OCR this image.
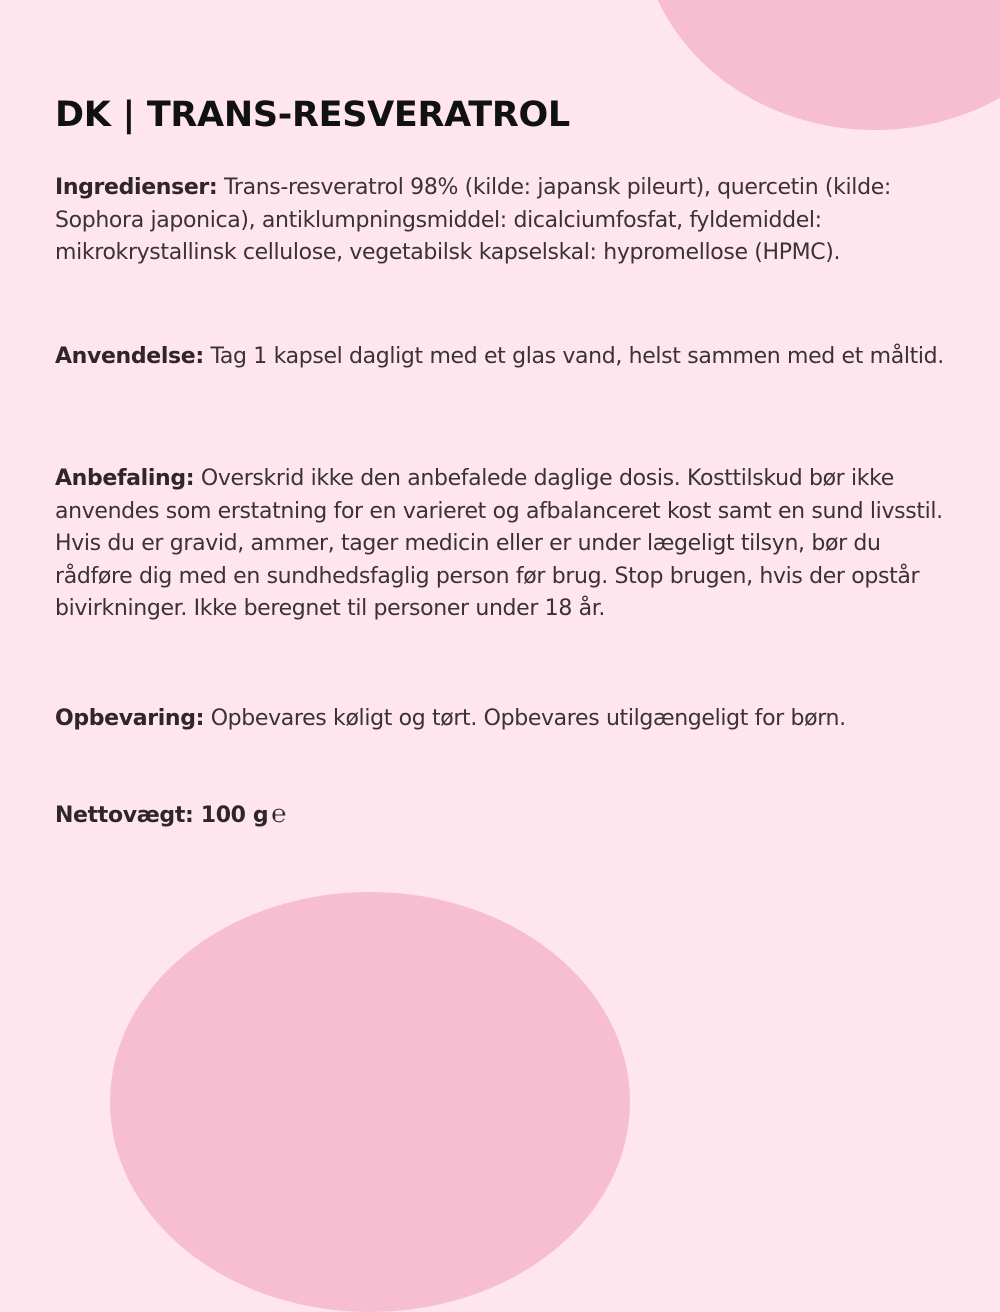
DK | TRANS-RESVERATROL

Ingredienser: Trans-resveratrol 98% (kilde: japansk pileurt), quercetin (kilde: Sophora japonica), antiklumpningsmiddel: dicalciumfosfat, fyldemiddel: mikrokrystallinsk cellulose, vegetabilsk kapselskal: hypromellose (HPMC).

Anvendelse: Tag 1 kapsel dagligt med et glas vand, helst sammen med et måltid.

Anbefaling: Overskrid ikke den anbefalede daglige dosis. Kosttilskud bør ikke anvendes som erstatning for en varieret og afbalanceret kost samt en sund livsstil. Hvis du er gravid, ammer, tager medicin eller er under lægeligt tilsyn, bør du rådføre dig med en sundhedsfaglig person før brug. Stop brugen, hvis der opstår bivirkninger. Ikke beregnet til personer under 18 år.

Opbevaring: Opbevares køligt og tørt. Opbevares utilgængeligt for børn.

Nettovægt: 100 g ℮
